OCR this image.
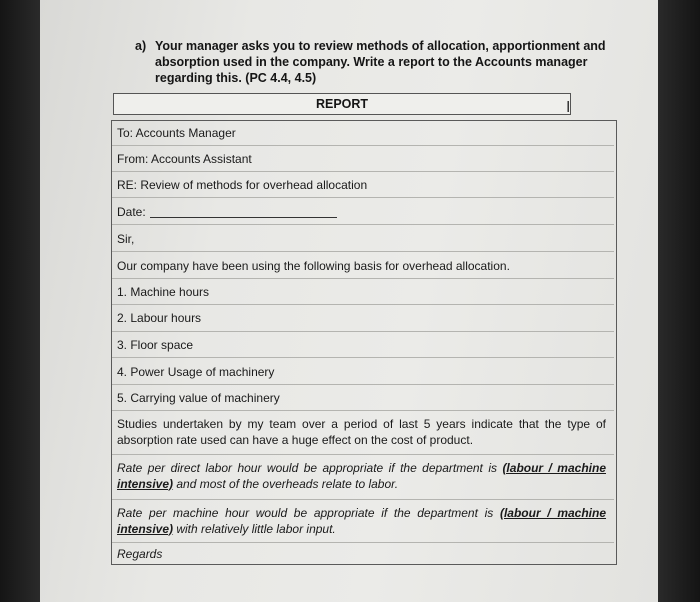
a) Your manager asks you to review methods of allocation, apportionment and absorption used in the company. Write a report to the Accounts manager regarding this. (PC 4.4, 4.5)
REPORT	I
To: Accounts Manager
From: Accounts Assistant
RE: Review of methods for overhead allocation
Date:
Sir,
Our company have been using the following basis for overhead allocation.
1. Machine hours
2. Labour hours
3. Floor space
4. Power Usage of machinery
5. Carrying value of machinery
Studies undertaken by my team over a period of last 5 years indicate that the type of absorption rate used can have a huge effect on the cost of product.
Rate per direct labor hour would be appropriate if the department is (labour / machine intensive) and most of the overheads relate to labor.
Rate per machine hour would be appropriate if the department is (labour / machine intensive) with relatively little labor input.
Regards
